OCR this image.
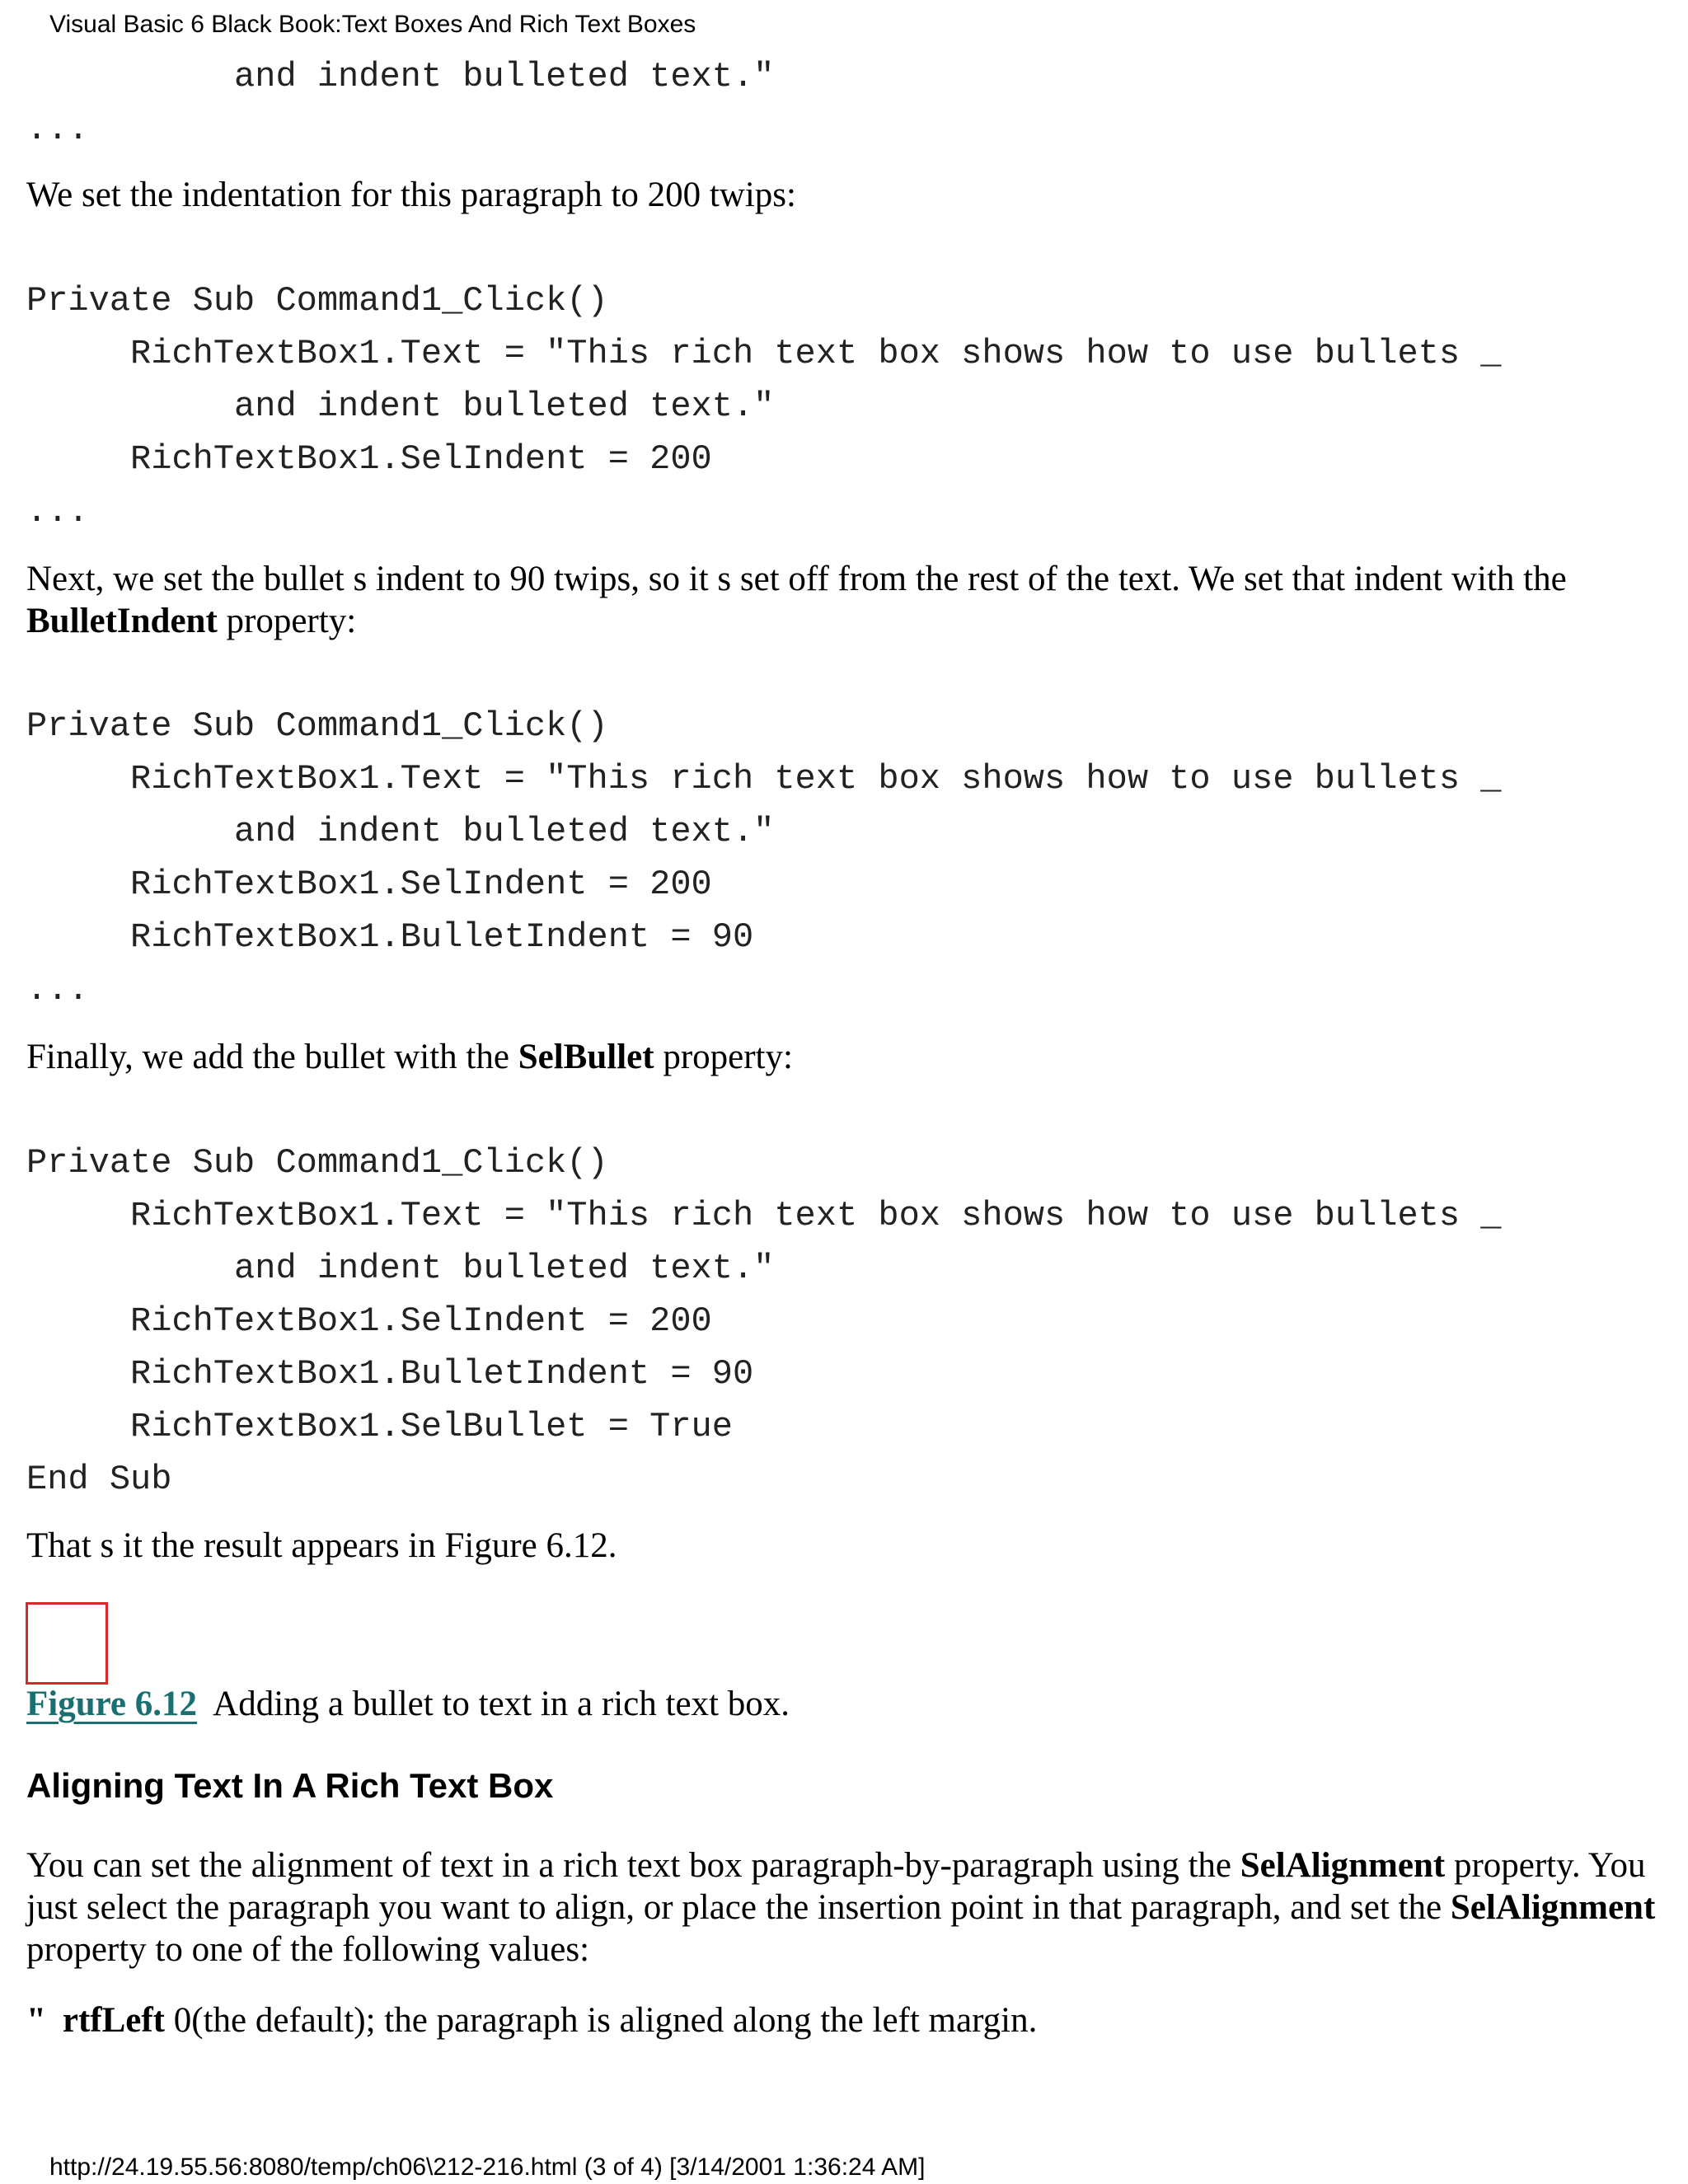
Visual Basic 6 Black Book:Text Boxes And Rich Text Boxes
and indent bulleted text."
...

We set the indentation for this paragraph to 200 twips:

Private Sub Command1_Click()
RichTextBox1.Text = "This rich text box shows how to use bullets _
and indent bulleted text."
RichTextBox1.SelIndent = 200
...

Next, we set the bullet s indent to 90 twips, so it s set off from the rest of the text. We set that indent with the BulletIndent property:

Private Sub Command1_Click()
RichTextBox1.Text = "This rich text box shows how to use bullets _
and indent bulleted text."
RichTextBox1.SelIndent = 200
RichTextBox1.BulletIndent = 90
...

Finally, we add the bullet with the SelBullet property:

Private Sub Command1_Click()
RichTextBox1.Text = "This rich text box shows how to use bullets _
and indent bulleted text."
RichTextBox1.SelIndent = 200
RichTextBox1.BulletIndent = 90
RichTextBox1.SelBullet = True
End Sub

That s it the result appears in Figure 6.12.

Figure 6.12 Adding a bullet to text in a rich text box.
Aligning Text In A Rich Text Box

You can set the alignment of text in a rich text box paragraph-by-paragraph using the SelAlignment property. You just select the paragraph you want to align, or place the insertion point in that paragraph, and set the SelAlignment property to one of the following values:

" rtfLeft 0(the default); the paragraph is aligned along the left margin.
http://24.19.55.56:8080/temp/ch06\212-216.html (3 of 4) [3/14/2001 1:36:24 AM]
